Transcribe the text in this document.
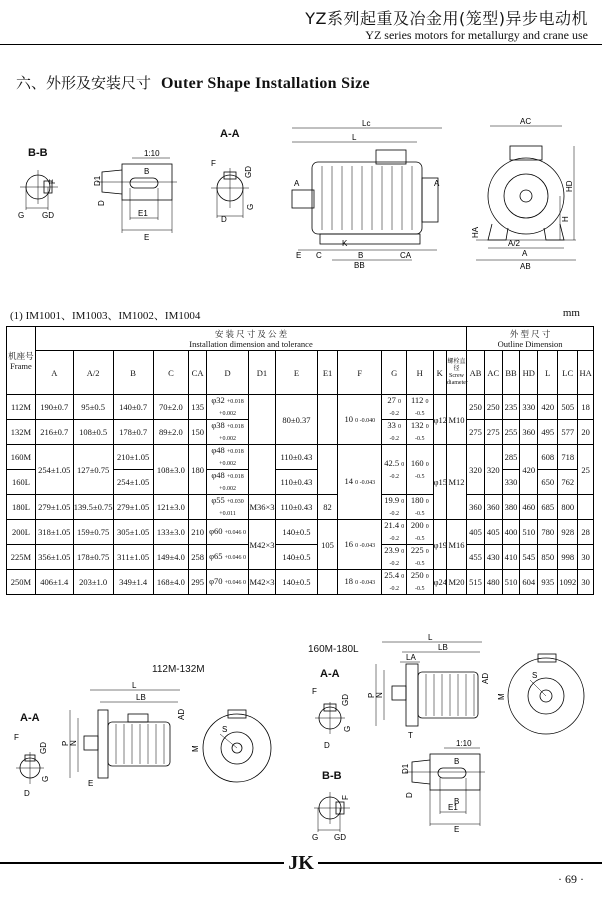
YZ系列起重及冶金用(笼型)异步电动机
YZ series motors for metallurgy and crane use
六、外形及安装尺寸 Outer Shape Installation Size
F
G GD
B-B	1:10
D1
D
B
E1
E
A-A
F
GD
G
D
Lc
L
A	A
K
E C	B	CA
BB
AC
HD
H
HA
A/2
A
AB
(1) IM1001、IM1003、IM1002、IM1004	mm
机座号
Frame	安 装 尺 寸 及 公 差
Installation dimension and tolerance														外 型 尺 寸
Outline Dimension						
	A	A/2	B	C	CA	D	D1	E	E1	F	G	H	K	螺栓直径
Screw diameter	AB	AC	BB	HD	L	LC	HA
112M	190±0.7	95±0.5	140±0.7	70±2.0	135	φ32 +0.018 +0.002		80±0.37		10 0 -0.040	27 0 -0.2	112 0 -0.5	φ12	M10	250	250	235	330	420	505	18
132M	216±0.7	108±0.5	178±0.7	89±2.0	150	φ38 +0.018 +0.002					33 0 -0.2	132 0 -0.5			275	275	255	360	495	577	20
160M	254±1.05	127±0.75	210±1.05	108±3.0	180	φ48 +0.018 +0.002		110±0.43		14 0 -0.043	42.5 0 -0.2	160 0 -0.5	φ15	M12	320	320	285	420	608	718	25
160L			254±1.05			φ48 +0.018 +0.002		110±0.43									330		650	762	
180L	279±1.05	139.5±0.75	279±1.05	121±3.0		φ55 +0.030 +0.011	M36×3	110±0.43	82		19.9 0 -0.2	180 0 -0.5			360	360	380	460	685	800	
200L	318±1.05	159±0.75	305±1.05	133±3.0	210	φ60 +0.046 0	M42×3	140±0.5	105	16 0 -0.043	21.4 0 -0.2	200 0 -0.5	φ19	M16	405	405	400	510	780	928	28
225M	356±1.05	178±0.75	311±1.05	149±4.0	258	φ65 +0.046 0		140±0.5			23.9 0 -0.2	225 0 -0.5			455	430	410	545	850	998	30
250M	406±1.4	203±1.0	349±1.4	168±4.0	295	φ70 +0.046 0	M42×3	140±0.5		18 0 -0.043	25.4 0 -0.2	250 0 -0.5	φ24	M20	515	480	510	604	935	1092	30
112M-132M
A-A
GD
G
D
F
L
LB
P N
AD
E
M
S
160M-180L
A-A
F
GD
G
D
L
LB
LA
P N
AD
T
M
S
1:10
D1
D
B
B
E1
E
B-B
F
G GD
JK
· 69 ·
